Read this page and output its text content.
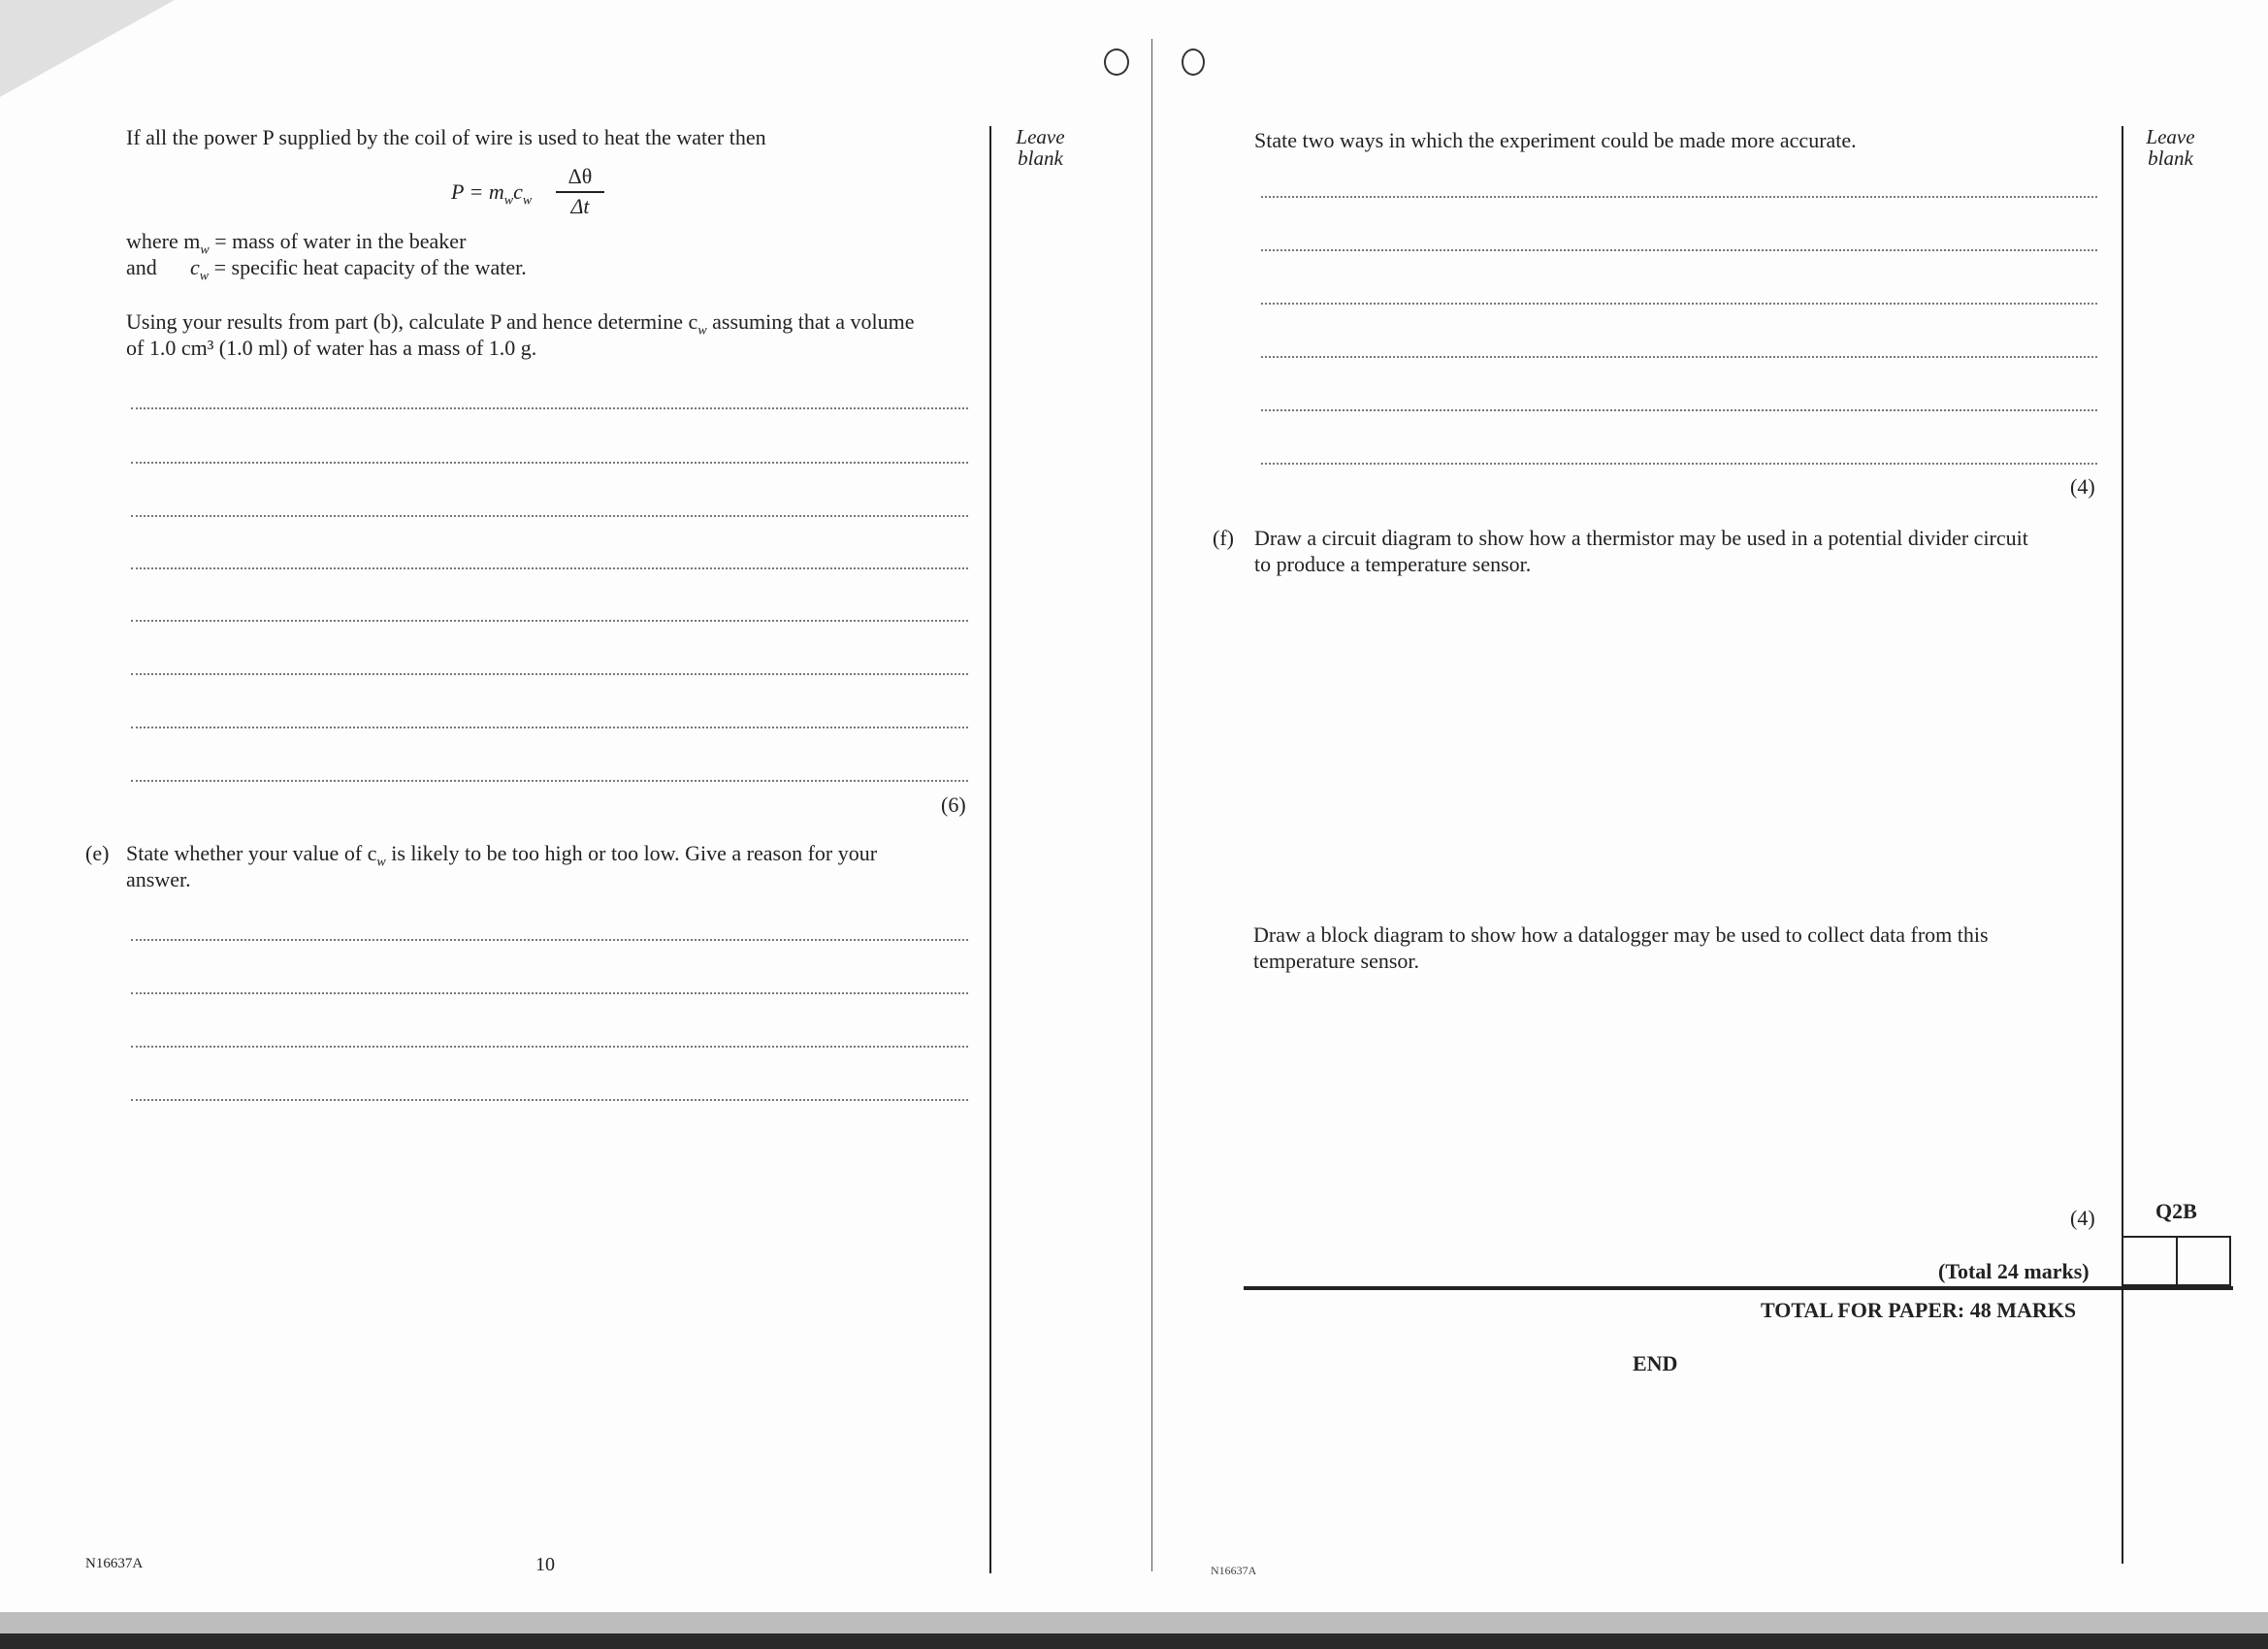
If all the power P supplied by the coil of wire is used to heat the water then
$P = m_wc_w$
Δθ
Δt
where $m_w$ = mass of water in the beaker
and $c_w$ = specific heat capacity of the water.
Using your results from part (b), calculate P and hence determine $c_w$ assuming that a volume
of 1.0 cm³ (1.0 ml) of water has a mass of 1.0 g.
(6)
(e) State whether your value of $c_w$ is likely to be too high or too low. Give a reason for your
answer.
Leave
blank
N16637A	10
State two ways in which the experiment could be made more accurate.
(4)
(f) Draw a circuit diagram to show how a thermistor may be used in a potential divider circuit
to produce a temperature sensor.
Draw a block diagram to show how a datalogger may be used to collect data from this
temperature sensor.
(4)
(Total 24 marks)
TOTAL FOR PAPER: 48 MARKS
END
Leave
blank
Q2B
N16637A
